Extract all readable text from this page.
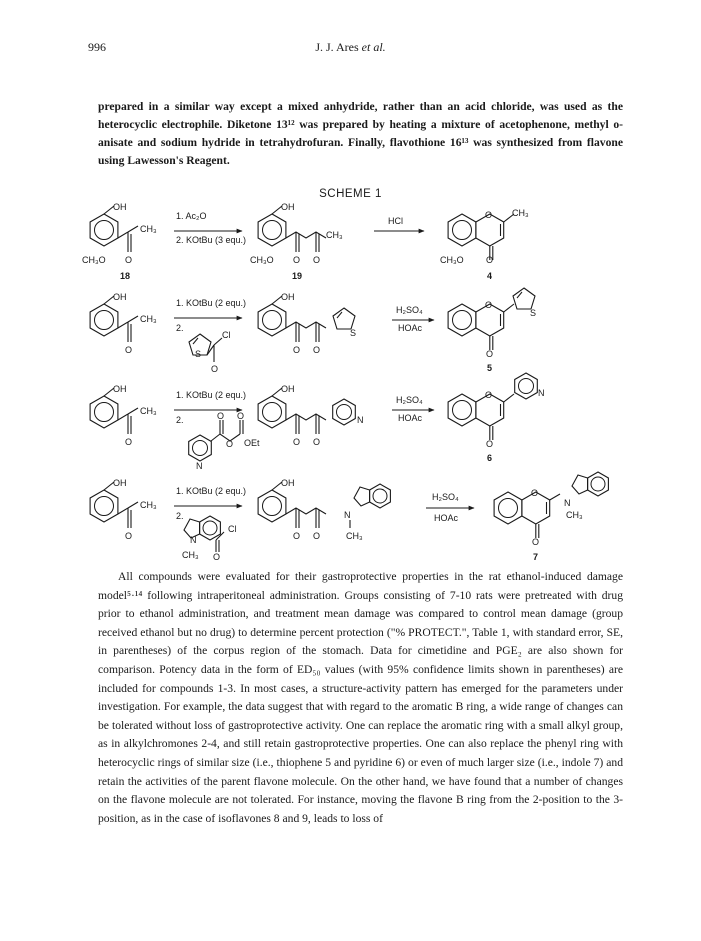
996	J. J. Ares et al.
prepared in a similar way except a mixed anhydride, rather than an acid chloride, was used as the heterocyclic electrophile. Diketone 13¹² was prepared by heating a mixture of acetophenone, methyl o-anisate and sodium hydride in tetrahydrofuran. Finally, flavothione 16¹³ was synthesized from flavone using Lawesson's Reagent.
SCHEME 1
OH
CH₃
CH₃O O
18
1. Ac₂O
2. KOtBu (3 equ.)
OH
CH₃
CH₃O O O
19
HCl
O CH₃
CH₃O O
4
OH
CH₃
O
1. KOtBu (2 equ.)
2.
S
Cl
O
OH
O O
S
H₂SO₄
HOAc
O
S
O
5
OH
CH₃
O
1. KOtBu (2 equ.)
2.
N
O O
O OEt
OH
O O
N
H₂SO₄
HOAc
O	N
O
6
OH
CH₃
O
1. KOtBu (2 equ.)
2.
N
Cl
CH₃ O
OH
O O
N
CH₃
H₂SO₄
HOAc
O
N
CH₃
O
7

All compounds were evaluated for their gastroprotective properties in the rat ethanol-induced damage model⁵·¹⁴ following intraperitoneal administration. Groups consisting of 7-10 rats were pretreated with drug prior to ethanol administration, and treatment mean damage was compared to control mean damage (group received ethanol but no drug) to determine percent protection ("% PROTECT.", Table 1, with standard error, SE, in parentheses) of the corpus region of the stomach. Data for cimetidine and PGE₂ are also shown for comparison. Potency data in the form of ED₅₀ values (with 95% confidence limits shown in parentheses) are included for compounds 1-3. In most cases, a structure-activity pattern has emerged for the parameters under investigation. For example, the data suggest that with regard to the aromatic B ring, a wide range of changes can be tolerated without loss of gastroprotective activity. One can replace the aromatic ring with a small alkyl group, as in alkylchromones 2-4, and still retain gastroprotective properties. One can also replace the phenyl ring with heterocyclic rings of similar size (i.e., thiophene 5 and pyridine 6) or even of much larger size (i.e., indole 7) and retain the activities of the parent flavone molecule. On the other hand, we have found that a number of changes on the flavone molecule are not tolerated. For instance, moving the flavone B ring from the 2-position to the 3-position, as in the case of isoflavones 8 and 9, leads to loss of
